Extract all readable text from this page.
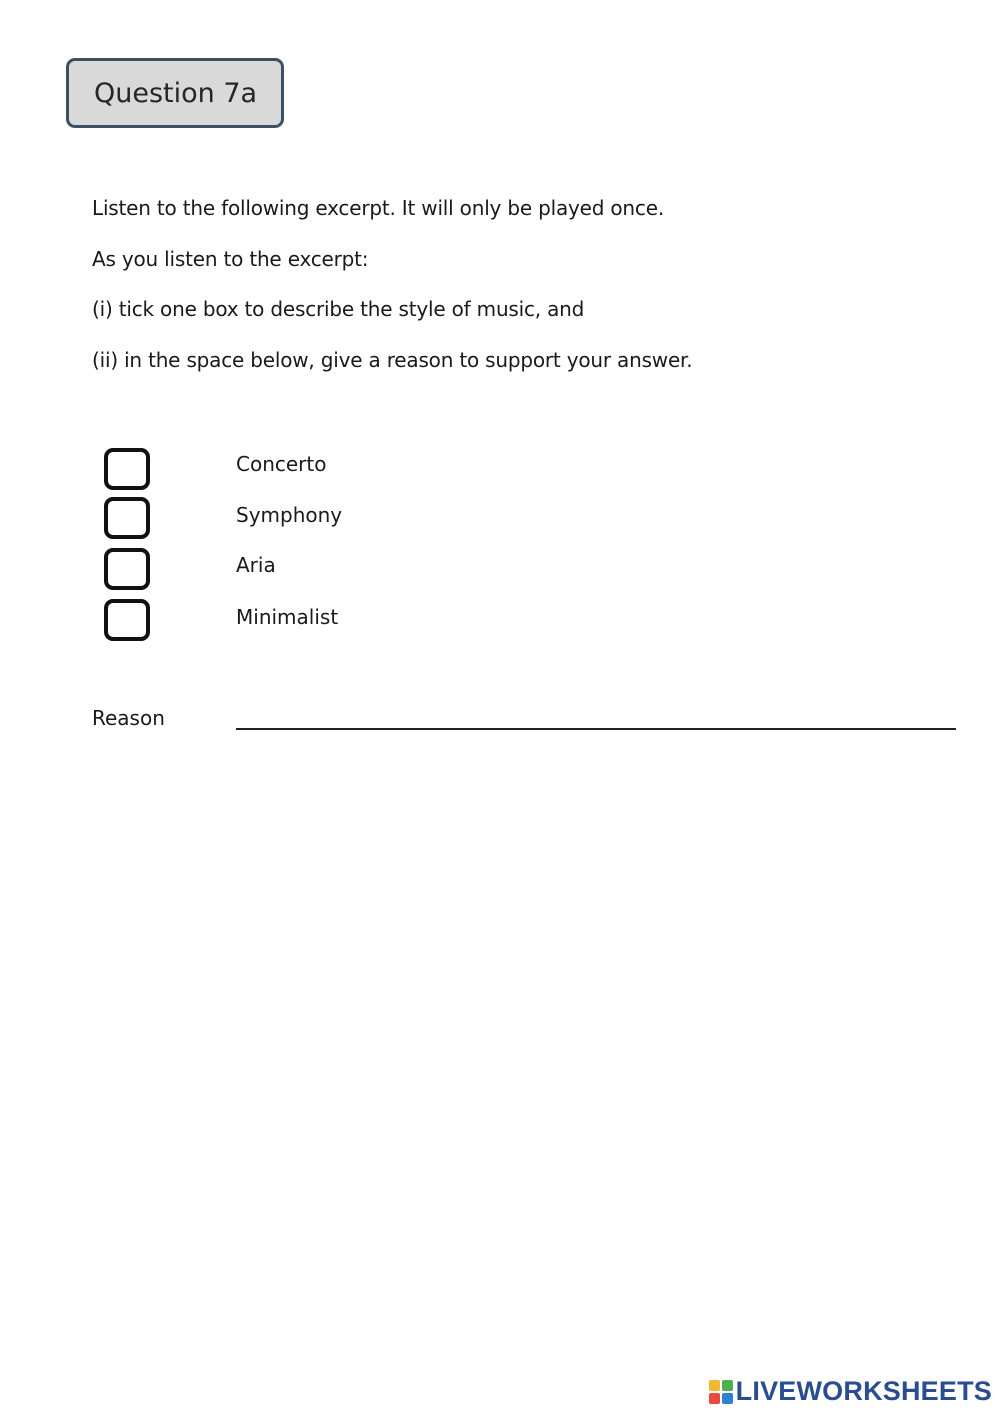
Question 7a
Listen to the following excerpt. It will only be played once.
As you listen to the excerpt:
(i) tick one box to describe the style of music, and
(ii) in the space below, give a reason to support your answer.
Concerto
Symphony
Aria
Minimalist
Reason
LIVEWORKSHEETS
